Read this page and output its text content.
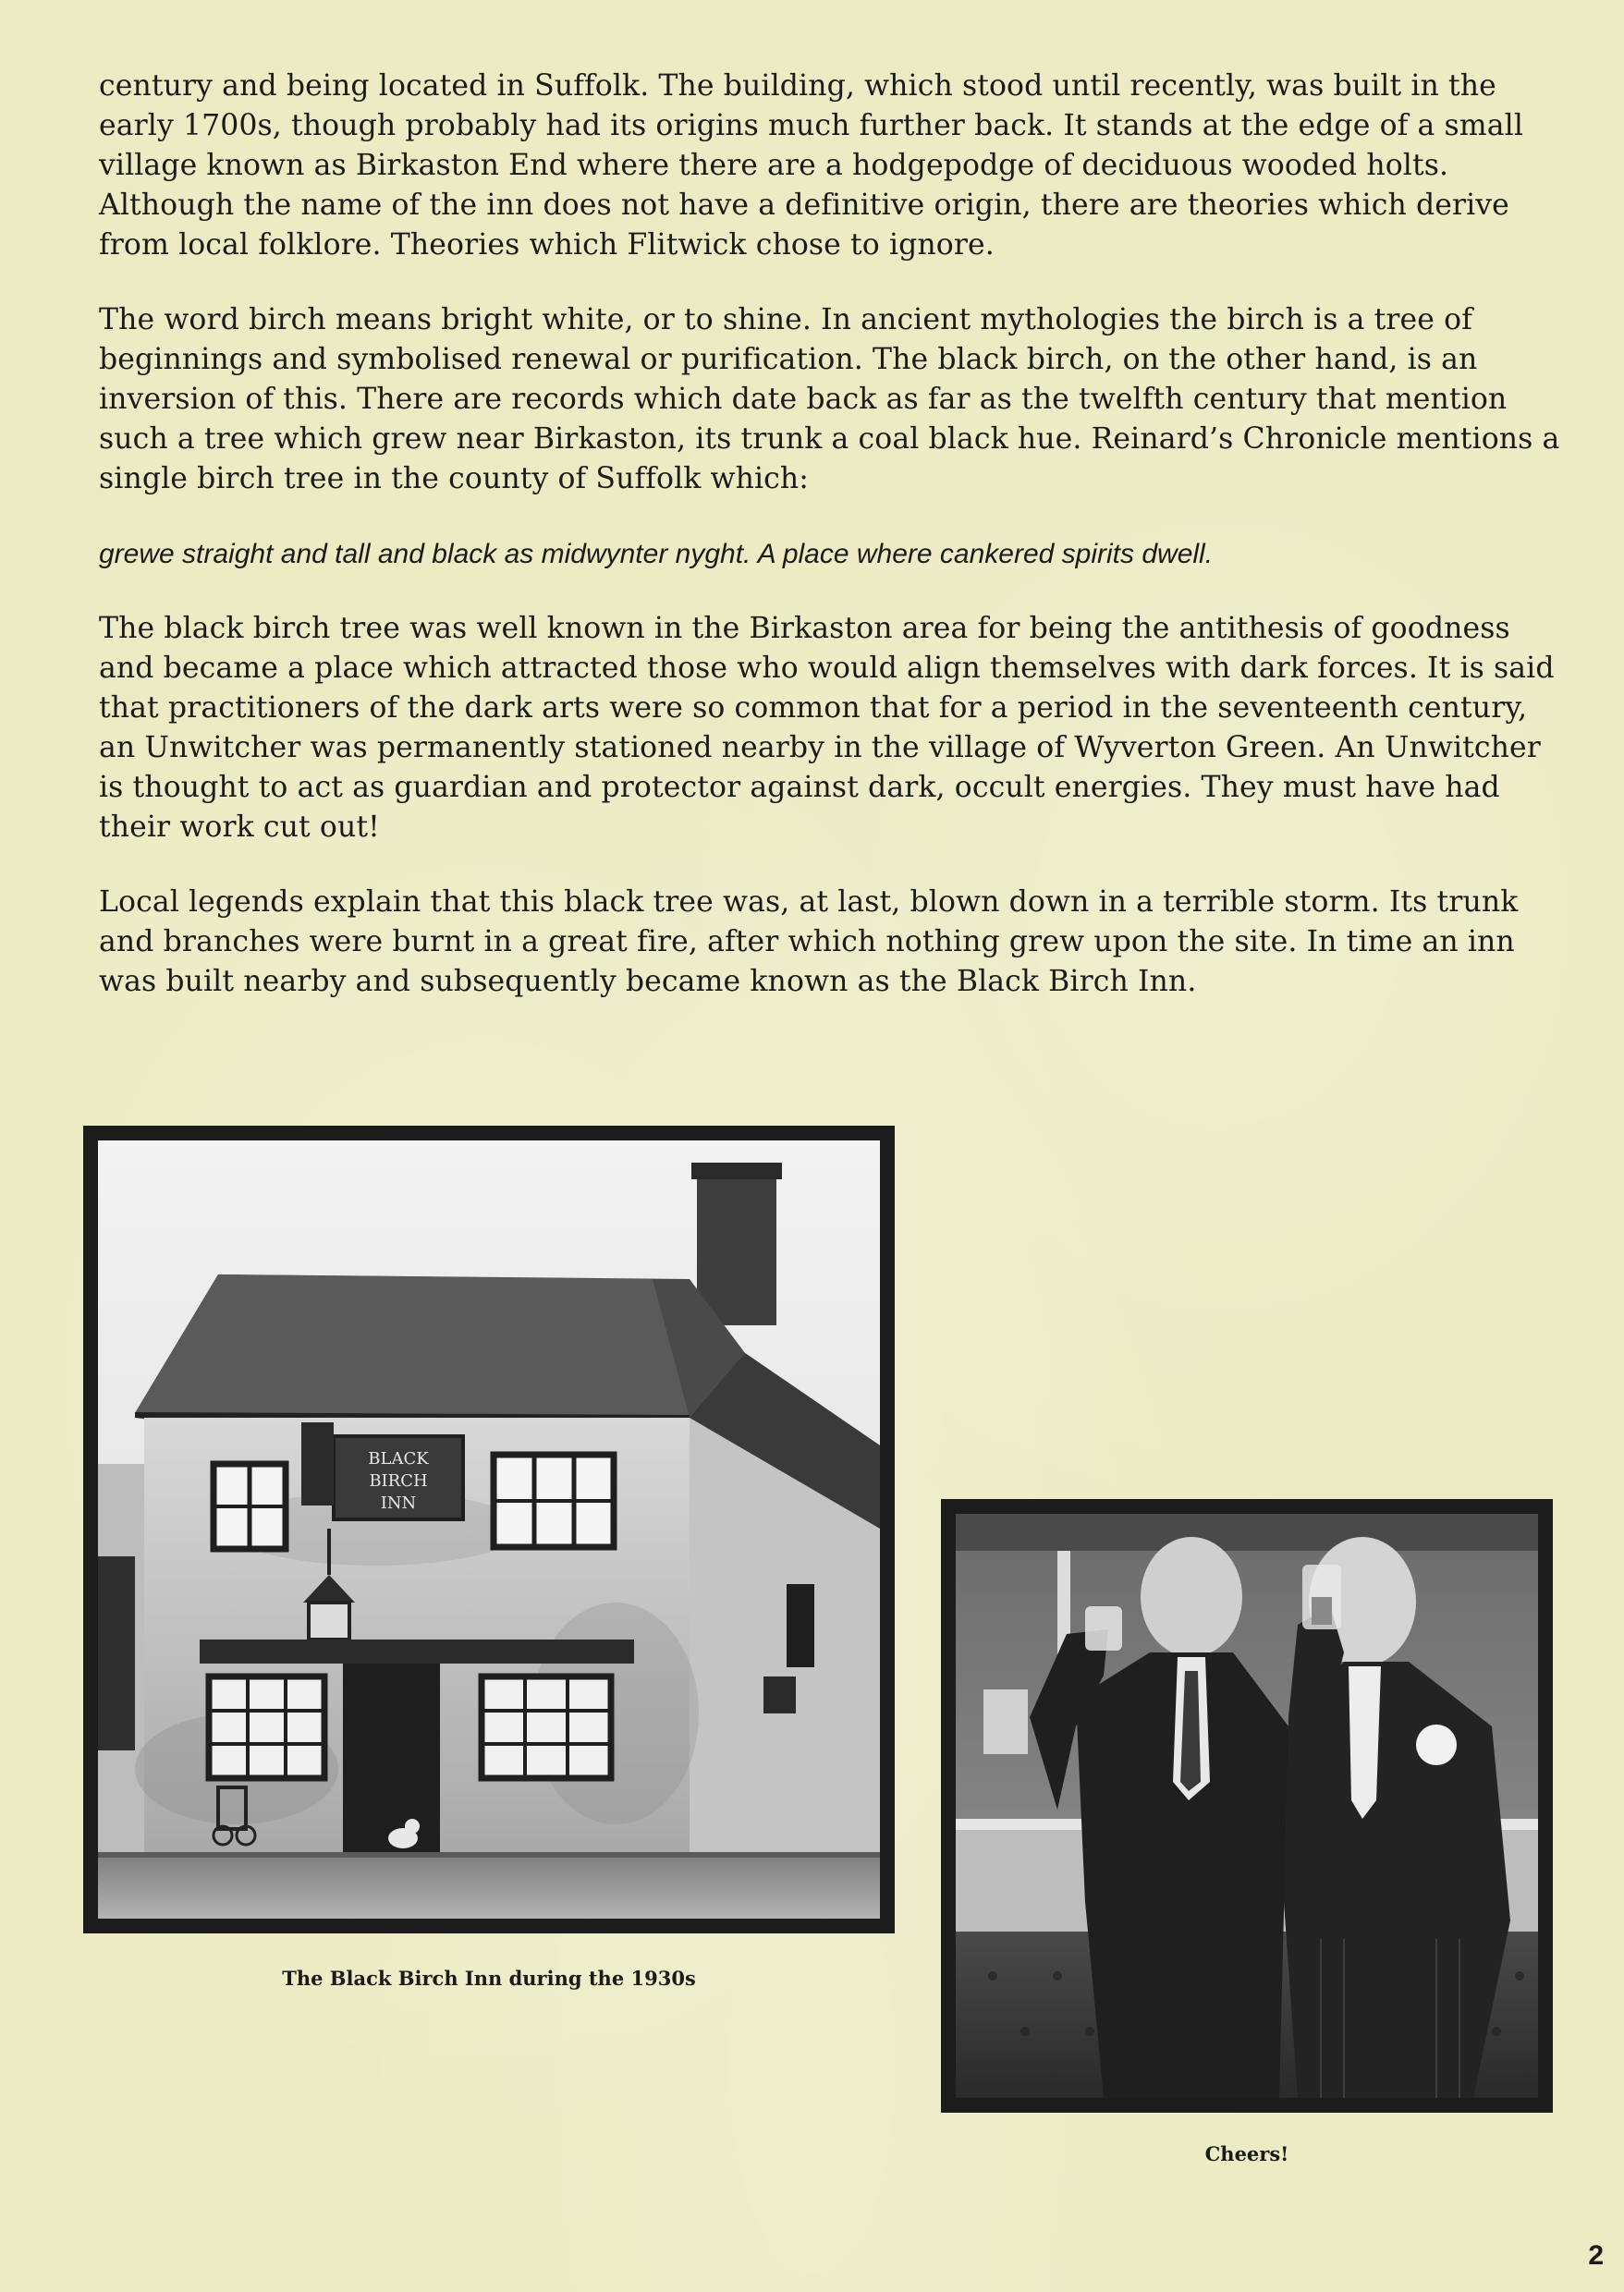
century and being located in Suffolk. The building, which stood until recently, was built in the early 1700s, though probably had its origins much further back. It stands at the edge of a small village known as Birkaston End where there are a hodgepodge of deciduous wooded holts. Although the name of the inn does not have a definitive origin, there are theories which derive from local folklore. Theories which Flitwick chose to ignore.

The word birch means bright white, or to shine. In ancient mythologies the birch is a tree of beginnings and symbolised renewal or purification. The black birch, on the other hand, is an inversion of this. There are records which date back as far as the twelfth century that mention such a tree which grew near Birkaston, its trunk a coal black hue. Reinard’s Chronicle mentions a single birch tree in the county of Suffolk which:

grewe straight and tall and black as midwynter nyght. A place where cankered spirits dwell.

The black birch tree was well known in the Birkaston area for being the antithesis of goodness and became a place which attracted those who would align themselves with dark forces. It is said that practitioners of the dark arts were so common that for a period in the seventeenth century, an Unwitcher was permanently stationed nearby in the village of Wyverton Green. An Unwitcher is thought to act as guardian and protector against dark, occult energies. They must have had their work cut out!

Local legends explain that this black tree was, at last, blown down in a terrible storm. Its trunk and branches were burnt in a great fire, after which nothing grew upon the site. In time an inn was built nearby and subsequently became known as the Black Birch Inn.

BLACK
BIRCH
INN
The Black Birch Inn during the 1930s
Cheers!
2
